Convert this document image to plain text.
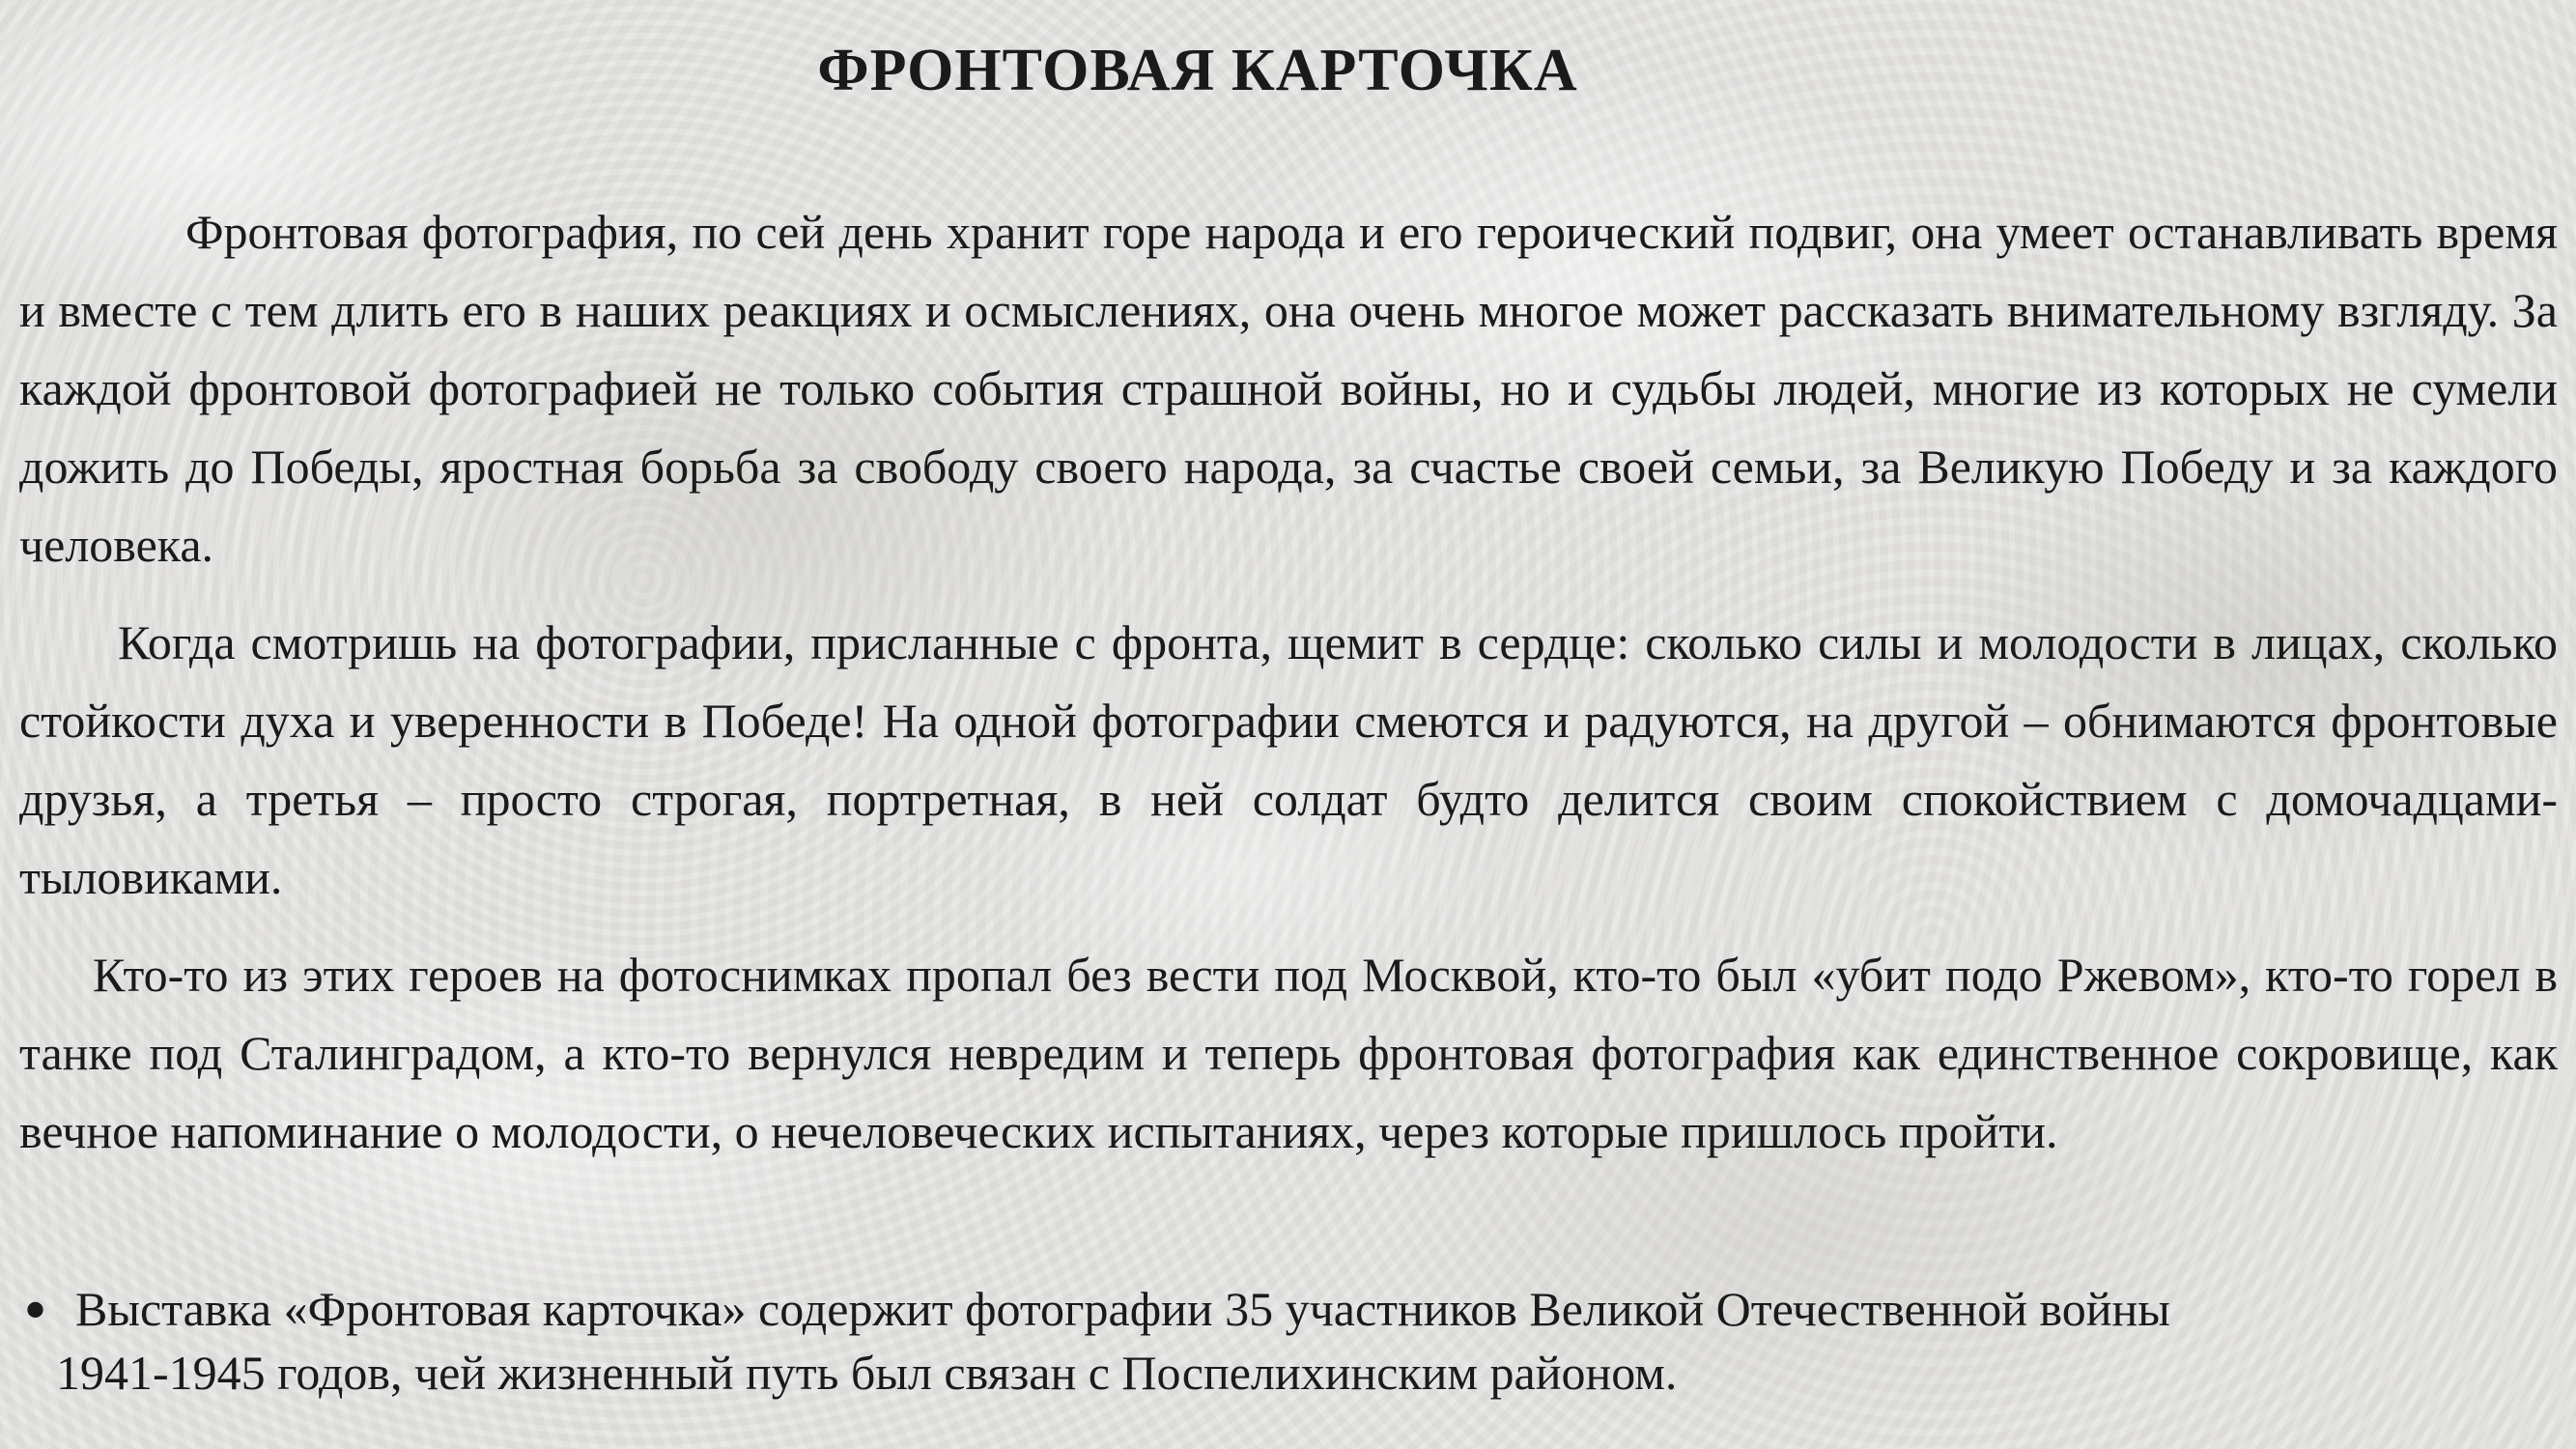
ФРОНТОВАЯ КАРТОЧКА

Фронтовая фотография, по сей день хранит горе народа и его героический подвиг, она умеет останавливать время и вместе с тем длить его в наших реакциях и осмыслениях, она очень многое может рассказать внимательному взгляду. За каждой фронтовой фотографией не только события страшной войны, но и судьбы людей, многие из которых не сумели дожить до Победы, яростная борьба за свободу своего народа, за счастье своей семьи, за Великую Победу и за каждого человека.

Когда смотришь на фотографии, присланные с фронта, щемит в сердце: сколько силы и молодости в лицах, сколько стойкости духа и уверенности в Победе! На одной фотографии смеются и радуются, на другой – обнимаются фронтовые друзья, а третья – просто строгая, портретная, в ней солдат будто делится своим спокойствием с домочадцами-тыловиками.

Кто-то из этих героев на фотоснимках пропал без вести под Москвой, кто-то был «убит подо Ржевом», кто-то горел в танке под Сталинградом, а кто-то вернулся невредим и теперь фронтовая фотография как единственное сокровище, как вечное напоминание о молодости, о нечеловеческих испытаниях, через которые пришлось пройти.

• Выставка «Фронтовая карточка» содержит фотографии 35 участников Великой Отечественной войны
1941-1945 годов, чей жизненный путь был связан с Поспелихинским районом.
